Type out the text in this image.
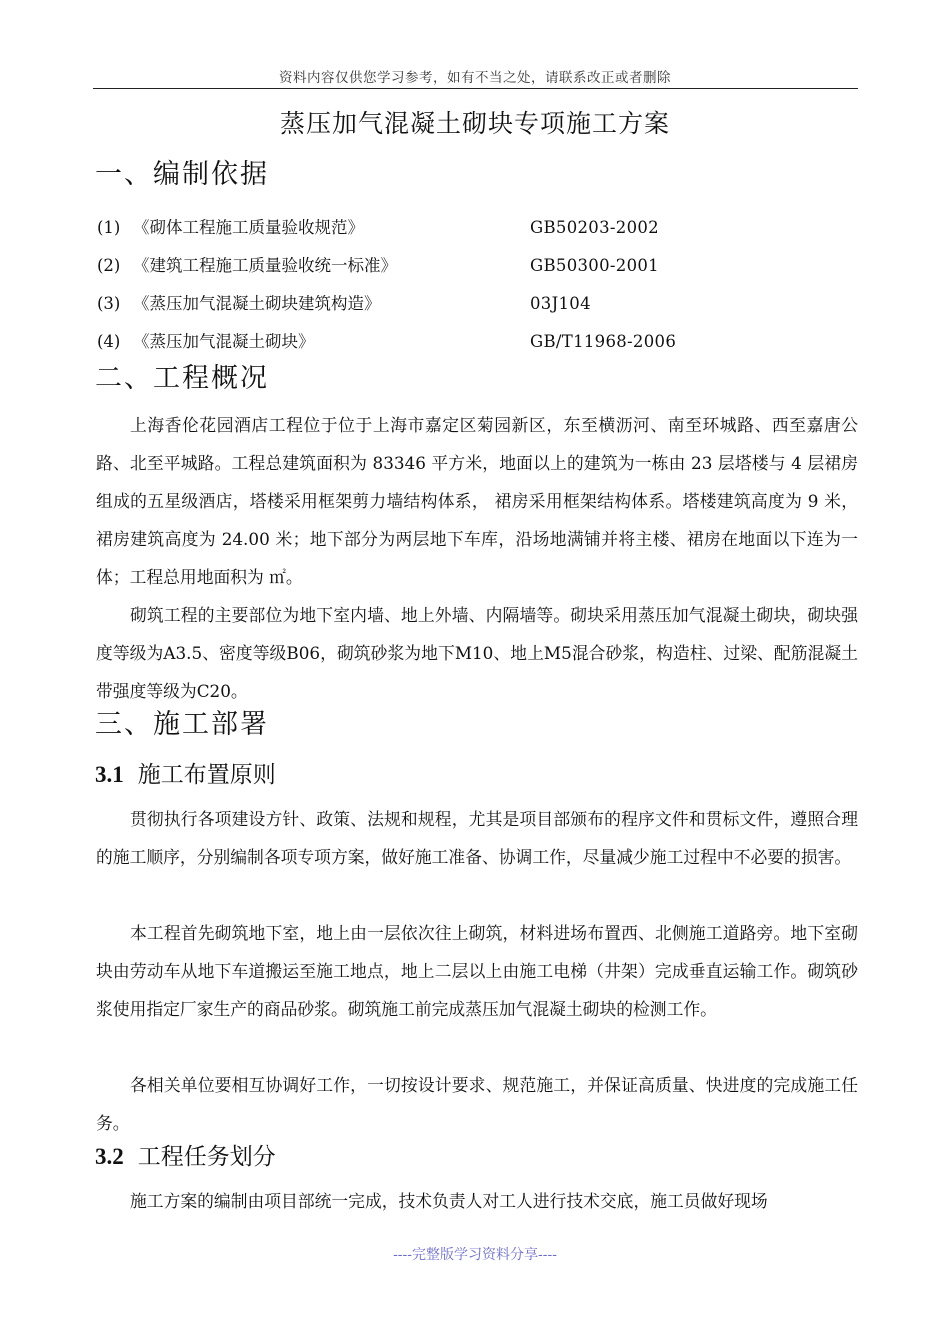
资料内容仅供您学习参考，如有不当之处，请联系改正或者删除
蒸压加气混凝土砌块专项施工方案
一、编制依据
(1) 《砌体工程施工质量验收规范》	GB50203-2002
(2) 《建筑工程施工质量验收统一标准》	GB50300-2001
(3) 《蒸压加气混凝土砌块建筑构造》	03J104
(4) 《蒸压加气混凝土砌块》	GB/T11968-2006
二、工程概况

上海香伦花园酒店工程位于位于上海市嘉定区菊园新区，东至横沥河、南至环城路、西至嘉唐公路、北至平城路。工程总建筑面积为 83346 平方米，地面以上的建筑为一栋由 23 层塔楼与 4 层裙房组成的五星级酒店，塔楼采用框架剪力墙结构体系， 裙房采用框架结构体系。塔楼建筑高度为 9 米，裙房建筑高度为 24.00 米；地下部分为两层地下车库，沿场地满铺并将主楼、裙房在地面以下连为一体；工程总用地面积为 ㎡。

砌筑工程的主要部位为地下室内墙、地上外墙、内隔墙等。砌块采用蒸压加气混凝土砌块，砌块强度等级为A3.5、密度等级B06，砌筑砂浆为地下M10、地上M5混合砂浆，构造柱、过梁、配筋混凝土带强度等级为C20。

三、施工部署
3.1 施工布置原则

贯彻执行各项建设方针、政策、法规和规程，尤其是项目部颁布的程序文件和贯标文件，遵照合理的施工顺序，分别编制各项专项方案，做好施工准备、协调工作，尽量减少施工过程中不必要的损害。

本工程首先砌筑地下室，地上由一层依次往上砌筑，材料进场布置西、北侧施工道路旁。地下室砌块由劳动车从地下车道搬运至施工地点，地上二层以上由施工电梯（井架）完成垂直运输工作。砌筑砂浆使用指定厂家生产的商品砂浆。砌筑施工前完成蒸压加气混凝土砌块的检测工作。

各相关单位要相互协调好工作，一切按设计要求、规范施工，并保证高质量、快进度的完成施工任务。

3.2 工程任务划分

施工方案的编制由项目部统一完成，技术负责人对工人进行技术交底，施工员做好现场

----完整版学习资料分享----
